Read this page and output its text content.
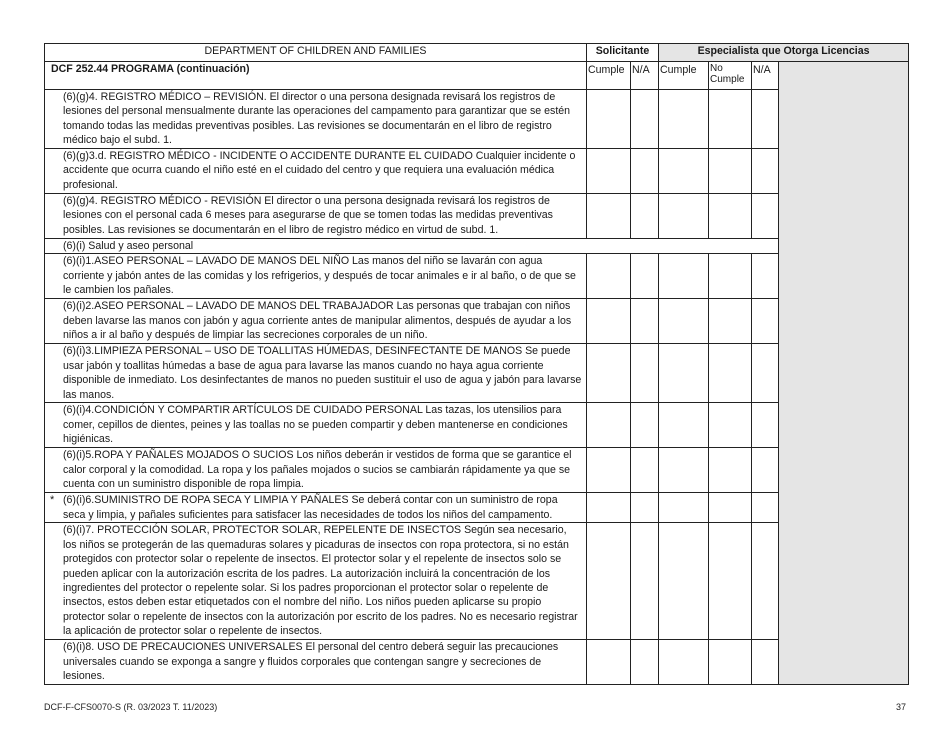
DEPARTMENT OF CHILDREN AND FAMILIES	Solicitante		Especialista que Otorga Licencias			
DCF 252.44 PROGRAMA (continuación)	Cumple	N/A	Cumple	No Cumple	N/A	
(6)(g)4. REGISTRO MÉDICO – REVISIÓN. El director o una persona designada revisará los registros de lesiones del personal mensualmente durante las operaciones del campamento para garantizar que se estén tomando todas las medidas preventivas posibles. Las revisiones se documentarán en el libro de registro médico bajo el subd. 1.						
(6)(g)3.d. REGISTRO MÉDICO - INCIDENTE O ACCIDENTE DURANTE EL CUIDADO Cualquier incidente o accidente que ocurra cuando el niño esté en el cuidado del centro y que requiera una evaluación médica profesional.						
(6)(g)4. REGISTRO MÉDICO - REVISIÓN El director o una persona designada revisará los registros de lesiones con el personal cada 6 meses para asegurarse de que se tomen todas las medidas preventivas posibles. Las revisiones se documentarán en el libro de registro médico en virtud de subd. 1.						
(6)(i) Salud y aseo personal						
(6)(i)1.ASEO PERSONAL – LAVADO DE MANOS DEL NIÑO Las manos del niño se lavarán con agua corriente y jabón antes de las comidas y los refrigerios, y después de tocar animales e ir al baño, o de que se le cambien los pañales.						
(6)(i)2.ASEO PERSONAL – LAVADO DE MANOS DEL TRABAJADOR Las personas que trabajan con niños deben lavarse las manos con jabón y agua corriente antes de manipular alimentos, después de ayudar a los niños a ir al baño y después de limpiar las secreciones corporales de un niño.						
(6)(i)3.LIMPIEZA PERSONAL – USO DE TOALLITAS HÚMEDAS, DESINFECTANTE DE MANOS Se puede usar jabón y toallitas húmedas a base de agua para lavarse las manos cuando no haya agua corriente disponible de inmediato. Los desinfectantes de manos no pueden sustituir el uso de agua y jabón para lavarse las manos.						
(6)(i)4.CONDICIÓN Y COMPARTIR ARTÍCULOS DE CUIDADO PERSONAL Las tazas, los utensilios para comer, cepillos de dientes, peines y las toallas no se pueden compartir y deben mantenerse en condiciones higiénicas.						
(6)(i)5.ROPA Y PAÑALES MOJADOS O SUCIOS Los niños deberán ir vestidos de forma que se garantice el calor corporal y la comodidad. La ropa y los pañales mojados o sucios se cambiarán rápidamente ya que se cuenta con un suministro disponible de ropa limpia.						

* (6)(i)6.SUMINISTRO DE ROPA SECA Y LIMPIA Y PAÑALES Se deberá contar con un suministro de ropa seca y limpia, y pañales suficientes para satisfacer las necesidades de todos los niños del campamento.						
(6)(i)7. PROTECCIÓN SOLAR, PROTECTOR SOLAR, REPELENTE DE INSECTOS Según sea necesario, los niños se protegerán de las quemaduras solares y picaduras de insectos con ropa protectora, si no están protegidos con protector solar o repelente de insectos. El protector solar y el repelente de insectos solo se pueden aplicar con la autorización escrita de los padres. La autorización incluirá la concentración de los ingredientes del protector o repelente solar. Si los padres proporcionan el protector solar o repelente de insectos, estos deben estar etiquetados con el nombre del niño. Los niños pueden aplicarse su propio protector solar o repelente de insectos con la autorización por escrito de los padres. No es necesario registrar la aplicación de protector solar o repelente de insectos.						
(6)(i)8. USO DE PRECAUCIONES UNIVERSALES El personal del centro deberá seguir las precauciones universales cuando se exponga a sangre y fluidos corporales que contengan sangre y secreciones de lesiones.						
DCF-F-CFS0070-S (R. 03/2023 T. 11/2023)	37
